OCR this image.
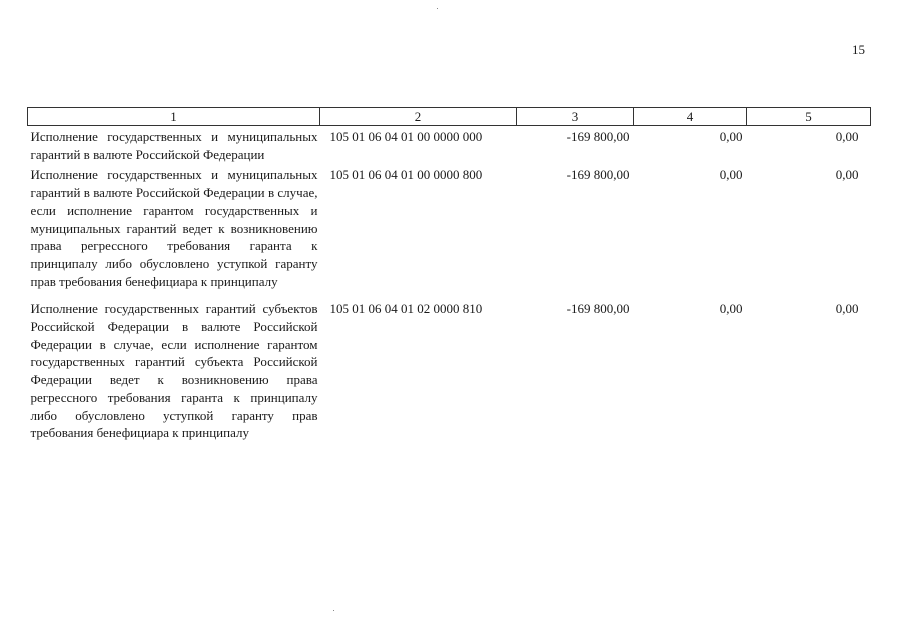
15
1	2	3	4	5
Исполнение государственных и муниципальных гарантий в валюте Российской Федерации	105 01 06 04 01 00 0000 000	-169 800,00	0,00	0,00
Исполнение государственных и муниципальных гарантий в валюте Российской Федерации в случае, если исполнение гарантом государственных и муниципальных гарантий ведет к возникновению права регрессного требования гаранта к принципалу либо обусловлено уступкой гаранту прав требования бенефициара к принципалу	105 01 06 04 01 00 0000 800	-169 800,00	0,00	0,00
Исполнение государственных гарантий субъектов Российской Федерации в валюте Российской Федерации в случае, если исполнение гарантом государственных гарантий субъекта Российской Федерации ведет к возникновению права регрессного требования гаранта к принципалу либо обусловлено уступкой гаранту прав требования бенефициара к принципалу	105 01 06 04 01 02 0000 810	-169 800,00	0,00	0,00
